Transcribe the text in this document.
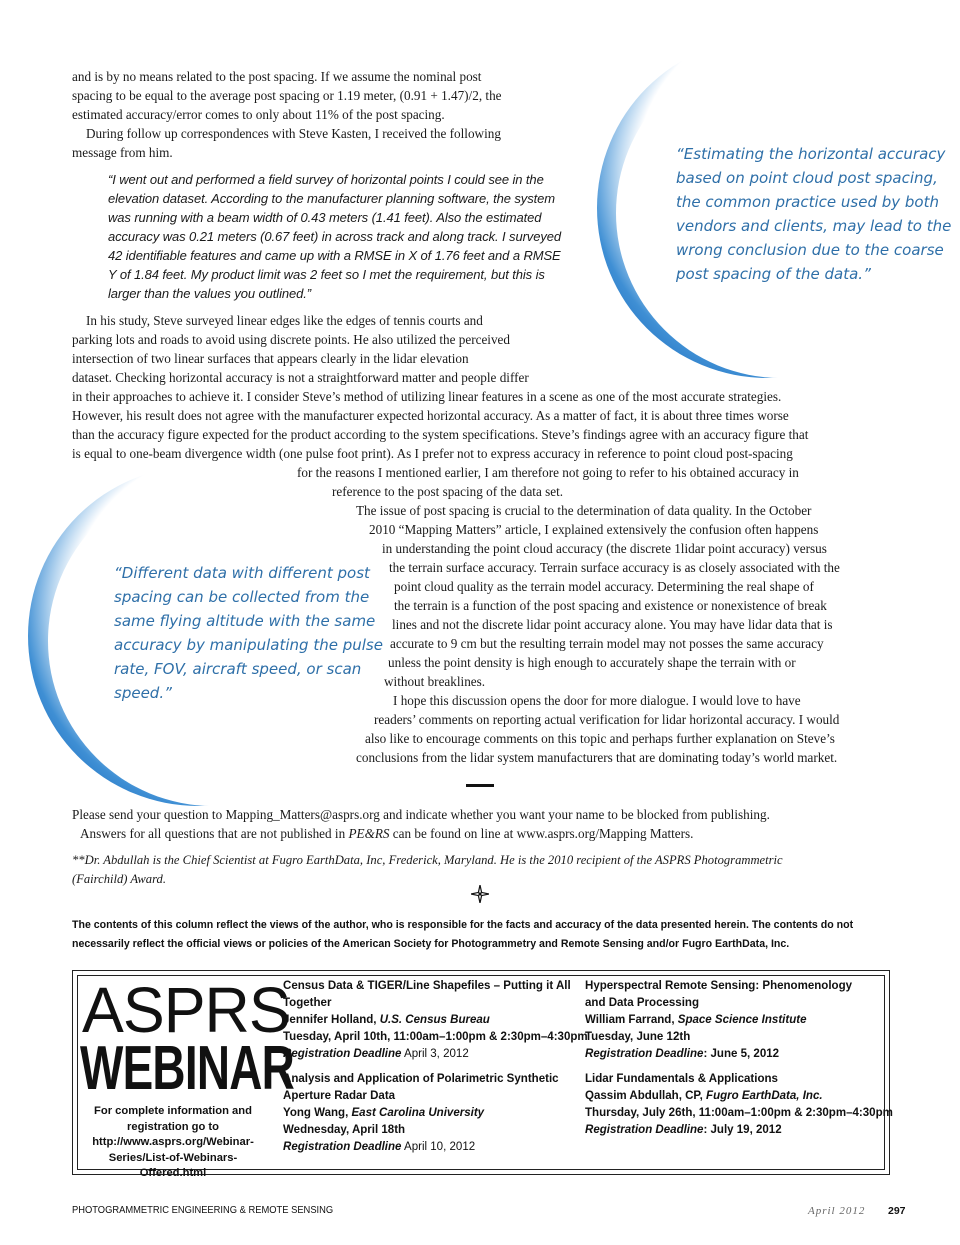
and is by no means related to the post spacing. If we assume the nominal post
spacing to be equal to the average post spacing or 1.19 meter, (0.91 + 1.47)/2, the
estimated accuracy/error comes to only about 11% of the post spacing.
During follow up correspondences with Steve Kasten, I received the following
message from him.
“I went out and performed a field survey of horizontal points I could see in the
elevation dataset. According to the manufacturer planning software, the system
was running with a beam width of 0.43 meters (1.41 feet). Also the estimated
accuracy was 0.21 meters (0.67 feet) in across track and along track. I surveyed
42 identifiable features and came up with a RMSE in X of 1.76 feet and a RMSE
Y of 1.84 feet. My product limit was 2 feet so I met the requirement, but this is
larger than the values you outlined.”
“Estimating the horizontal accuracy
based on point cloud post spacing,
the common practice used by both
vendors and clients, may lead to the
wrong conclusion due to the coarse
post spacing of the data.”
In his study, Steve surveyed linear edges like the edges of tennis courts and
parking lots and roads to avoid using discrete points. He also utilized the perceived
intersection of two linear surfaces that appears clearly in the lidar elevation
dataset. Checking horizontal accuracy is not a straightforward matter and people differ
in their approaches to achieve it. I consider Steve’s method of utilizing linear features in a scene as one of the most accurate strategies.
However, his result does not agree with the manufacturer expected horizontal accuracy. As a matter of fact, it is about three times worse
than the accuracy figure expected for the product according to the system specifications. Steve’s findings agree with an accuracy figure that
is equal to one-beam divergence width (one pulse foot print). As I prefer not to express accuracy in reference to point cloud post-spacing
for the reasons I mentioned earlier, I am therefore not going to refer to his obtained accuracy in
reference to the post spacing of the data set.
The issue of post spacing is crucial to the determination of data quality. In the October
2010 “Mapping Matters” article, I explained extensively the confusion often happens
in understanding the point cloud accuracy (the discrete 1lidar point accuracy) versus
the terrain surface accuracy. Terrain surface accuracy is as closely associated with the
point cloud quality as the terrain model accuracy. Determining the real shape of
the terrain is a function of the post spacing and existence or nonexistence of break
lines and not the discrete lidar point accuracy alone. You may have lidar data that is
accurate to 9 cm but the resulting terrain model may not posses the same accuracy
unless the point density is high enough to accurately shape the terrain with or
without breaklines.
I hope this discussion opens the door for more dialogue. I would love to have
readers’ comments on reporting actual verification for lidar horizontal accuracy. I would
also like to encourage comments on this topic and perhaps further explanation on Steve’s
conclusions from the lidar system manufacturers that are dominating today’s world market.
“Different data with different post
spacing can be collected from the
same flying altitude with the same
accuracy by manipulating the pulse
rate, FOV, aircraft speed, or scan
speed.”
Please send your question to Mapping_Matters@asprs.org and indicate whether you want your name to be blocked from publishing.
Answers for all questions that are not published in PE&RS can be found on line at www.asprs.org/Mapping Matters.
**Dr. Abdullah is the Chief Scientist at Fugro EarthData, Inc, Frederick, Maryland. He is the 2010 recipient of the ASPRS Photogrammetric
(Fairchild) Award.
The contents of this column reflect the views of the author, who is responsible for the facts and accuracy of the data presented herein. The contents do not
necessarily reflect the official views or policies of the American Society for Photogrammetry and Remote Sensing and/or Fugro EarthData, Inc.
ASPRS
WEBINAR
For complete information and registration go to http://www.asprs.org/Webinar-Series/List-of-Webinars-Offered.html
Census Data & TIGER/Line Shapefiles – Putting it All
Together
Jennifer Holland, U.S. Census Bureau
Tuesday, April 10th, 11:00am–1:00pm & 2:30pm–4:30pm
Registration Deadline April 3, 2012
Analysis and Application of Polarimetric Synthetic
Aperture Radar Data
Yong Wang, East Carolina University
Wednesday, April 18th
Registration Deadline April 10, 2012
Hyperspectral Remote Sensing: Phenomenology
and Data Processing
William Farrand, Space Science Institute
Tuesday, June 12th
Registration Deadline: June 5, 2012
Lidar Fundamentals & Applications
Qassim Abdullah, CP, Fugro EarthData, Inc.
Thursday, July 26th, 11:00am–1:00pm & 2:30pm–4:30pm
Registration Deadline: July 19, 2012
PHOTOGRAMMETRIC ENGINEERING & REMOTE SENSING	April 2012 297
